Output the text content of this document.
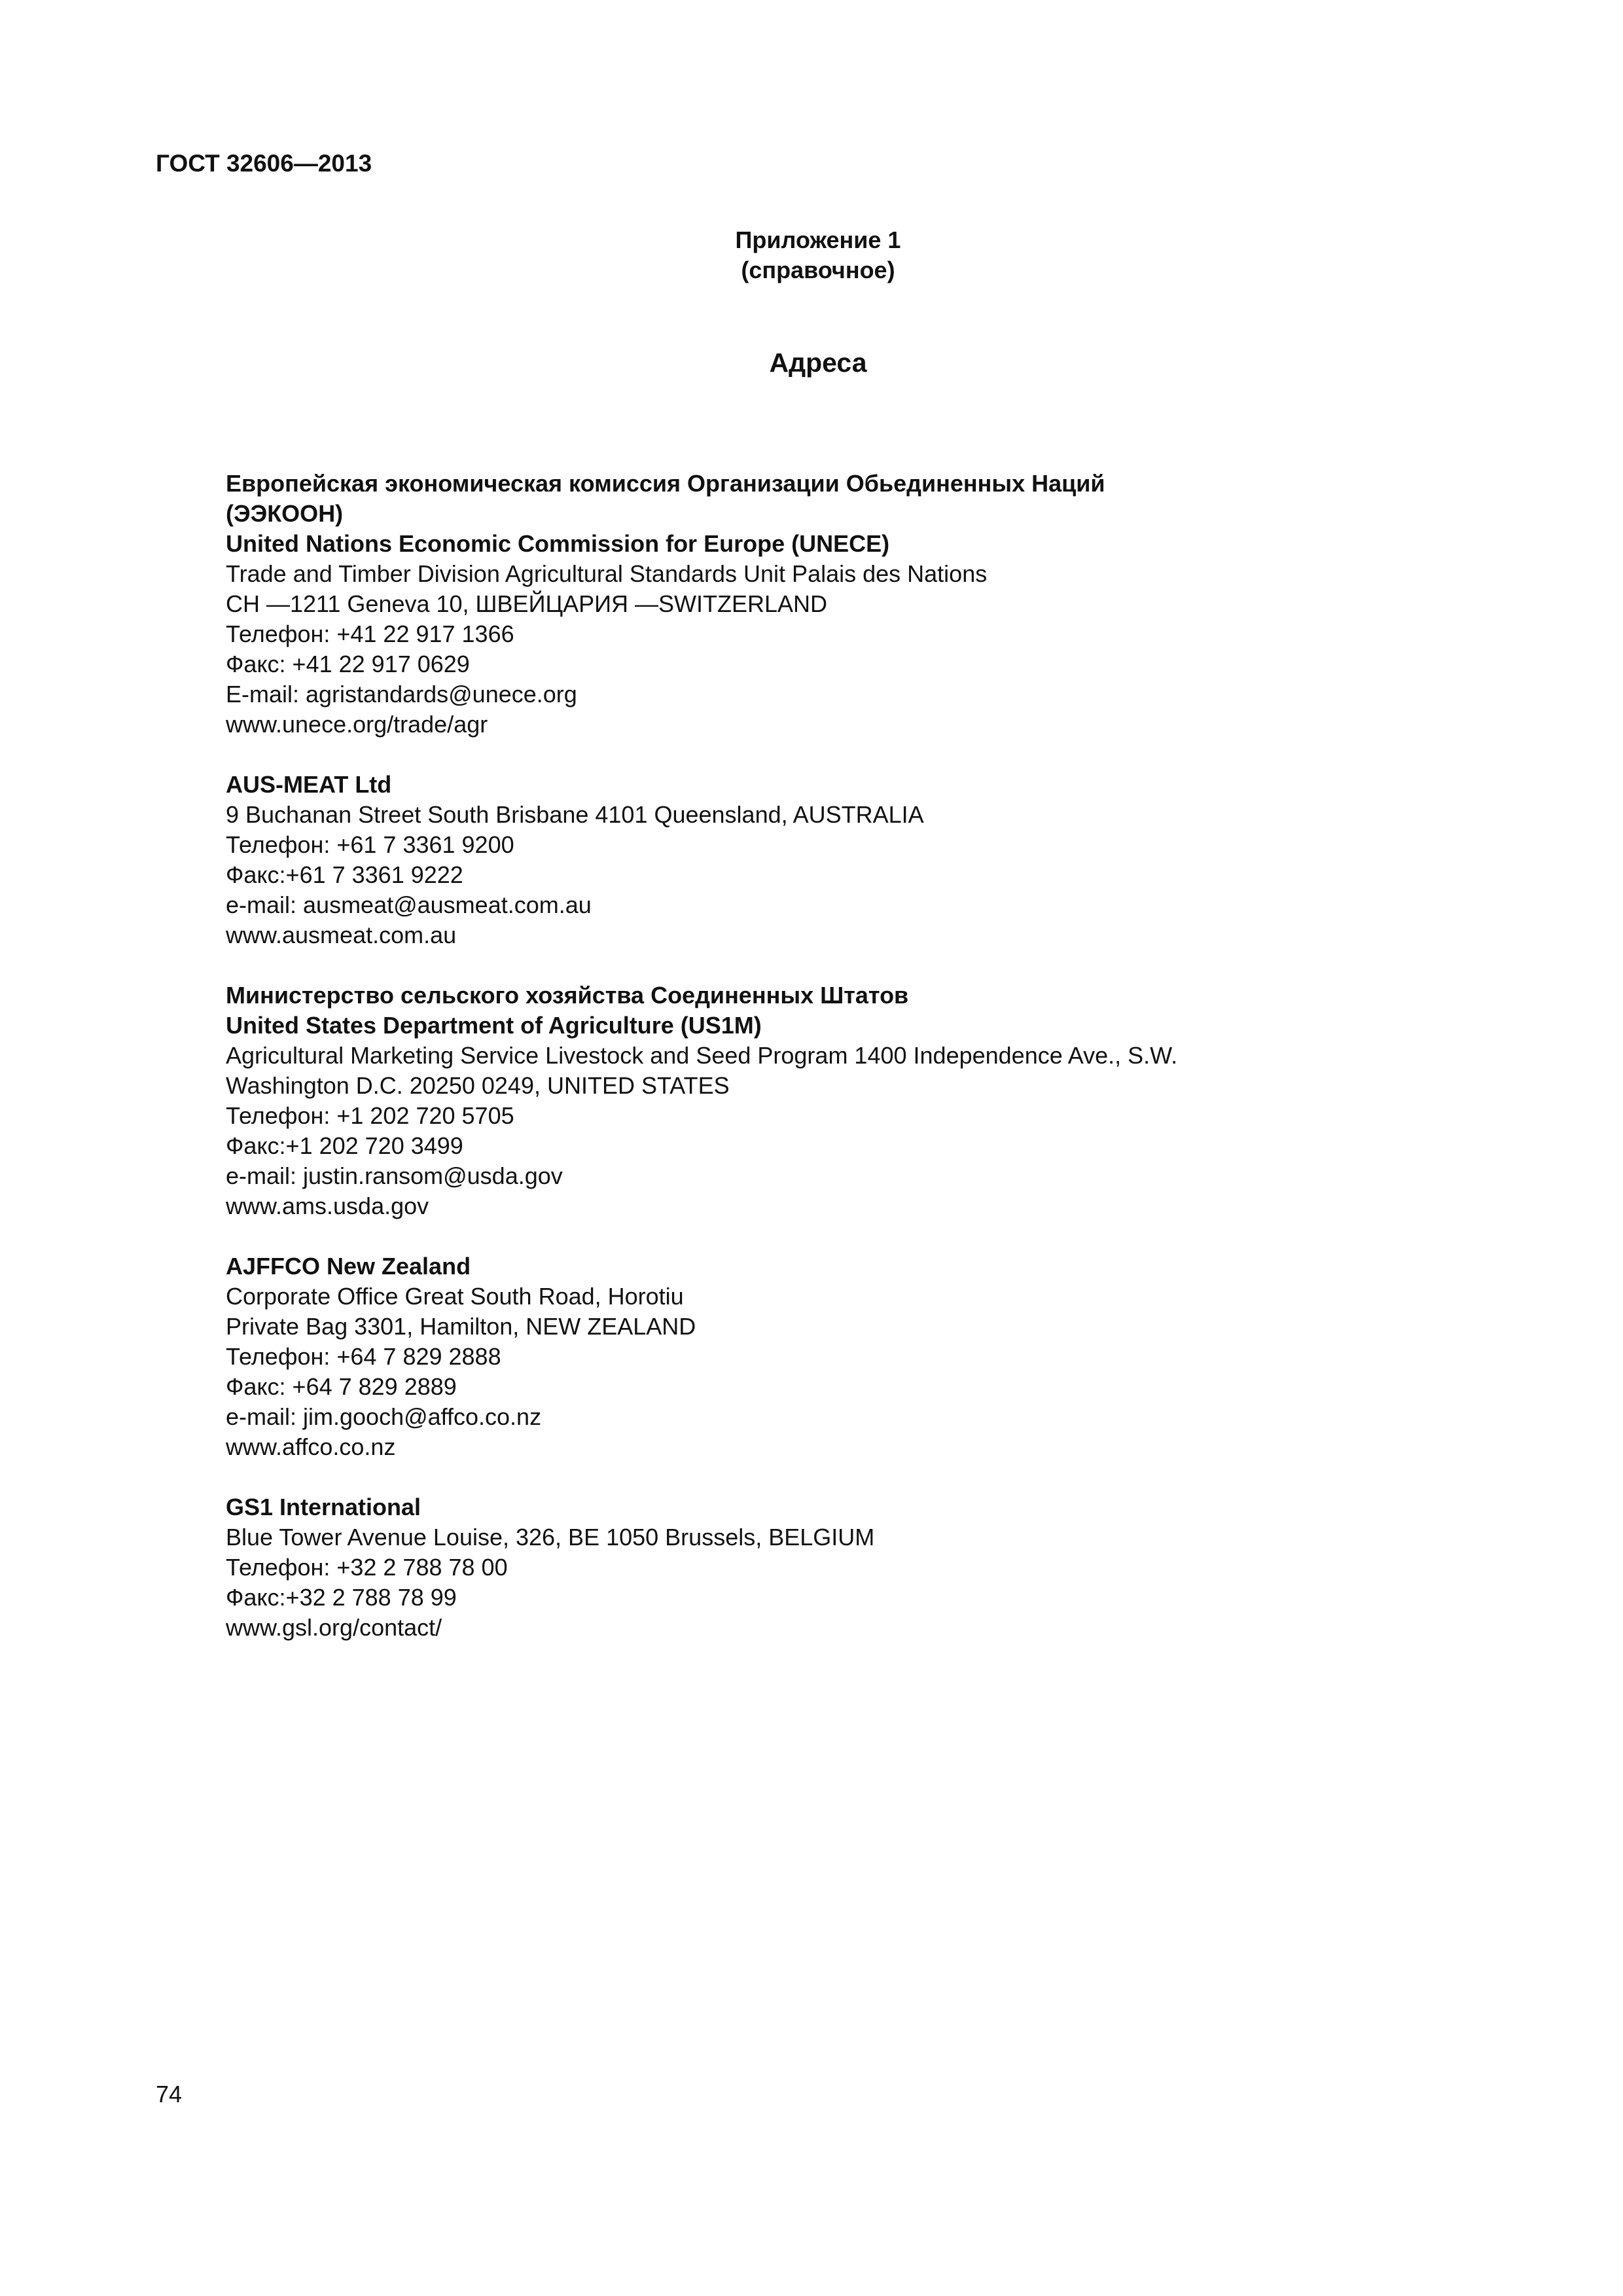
ГОСТ 32606—2013
Приложение 1
(справочное)
Адреса
Европейская экономическая комиссия Организации Обьединенных Наций
(ЭЭКООН)
United Nations Economic Commission for Europe (UNECE)
Trade and Timber Division Agricultural Standards Unit Palais des Nations
CH —1211 Geneva 10, ШВЕЙЦАРИЯ —SWITZERLAND
Телефон: +41 22 917 1366
Факс: +41 22 917 0629
E-mail: agristandards@unece.org
www.unece.org/trade/agr
AUS-MEAT Ltd
9 Buchanan Street South Brisbane 4101 Queensland, AUSTRALIA
Телефон: +61 7 3361 9200
Факс:+61 7 3361 9222
e-mail: ausmeat@ausmeat.com.au
www.ausmeat.com.au
Министерство сельского хозяйства Соединенных Штатов
United States Department of Agriculture (US1M)
Agricultural Marketing Service Livestock and Seed Program 1400 Independence Ave., S.W.
Washington D.C. 20250 0249, UNITED STATES
Телефон: +1 202 720 5705
Факс:+1 202 720 3499
e-mail: justin.ransom@usda.gov
www.ams.usda.gov
AJFFCO New Zealand
Corporate Office Great South Road, Horotiu
Private Bag 3301, Hamilton, NEW ZEALAND
Телефон: +64 7 829 2888
Факс: +64 7 829 2889
e-mail: jim.gooch@affco.co.nz
www.affco.co.nz
GS1 International
Blue Tower Avenue Louise, 326, BE 1050 Brussels, BELGIUM
Телефон: +32 2 788 78 00
Факс:+32 2 788 78 99
www.gsl.org/contact/
74
